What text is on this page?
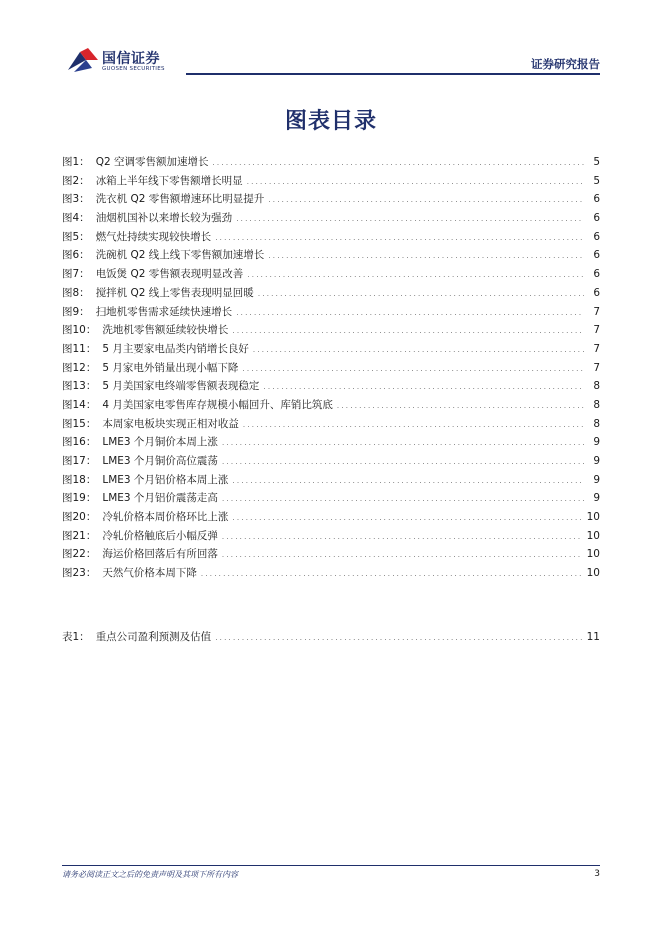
国信证券
GUOSEN SECURITIES	证券研究报告
图表目录
图1： Q2 空调零售额加速增长 . . .	5
图2： 冰箱上半年线下零售额增长明显 . . .	5
图3： 洗衣机 Q2 零售额增速环比明显提升 . . .	6
图4： 油烟机国补以来增长较为强劲 . . .	6
图5： 燃气灶持续实现较快增长 . . .	6
图6： 洗碗机 Q2 线上线下零售额加速增长 . . .	6
图7： 电饭煲 Q2 零售额表现明显改善 . . .	6
图8： 搅拌机 Q2 线上零售表现明显回暖 . . .	6
图9： 扫地机零售需求延续快速增长 . . .	7
图10： 洗地机零售额延续较快增长 . . .	7
图11： 5 月主要家电品类内销增长良好 . . .	7
图12： 5 月家电外销量出现小幅下降 . . .	7
图13： 5 月美国家电终端零售额表现稳定 . . .	8
图14： 4 月美国家电零售库存规模小幅回升、库销比筑底 . . .	8
图15： 本周家电板块实现正相对收益 . . .	8
图16： LME3 个月铜价本周上涨 . . .	9
图17： LME3 个月铜价高位震荡 . . .	9
图18： LME3 个月铝价格本周上涨 . . .	9
图19： LME3 个月铝价震荡走高 . . .	9
图20： 冷轧价格本周价格环比上涨 . . .	10
图21： 冷轧价格触底后小幅反弹 . . .	10
图22： 海运价格回落后有所回落 . . .	10
图23： 天然气价格本周下降 . . .	10
表1： 重点公司盈利预测及估值 . . .	11
请务必阅读正文之后的免责声明及其项下所有内容	3
